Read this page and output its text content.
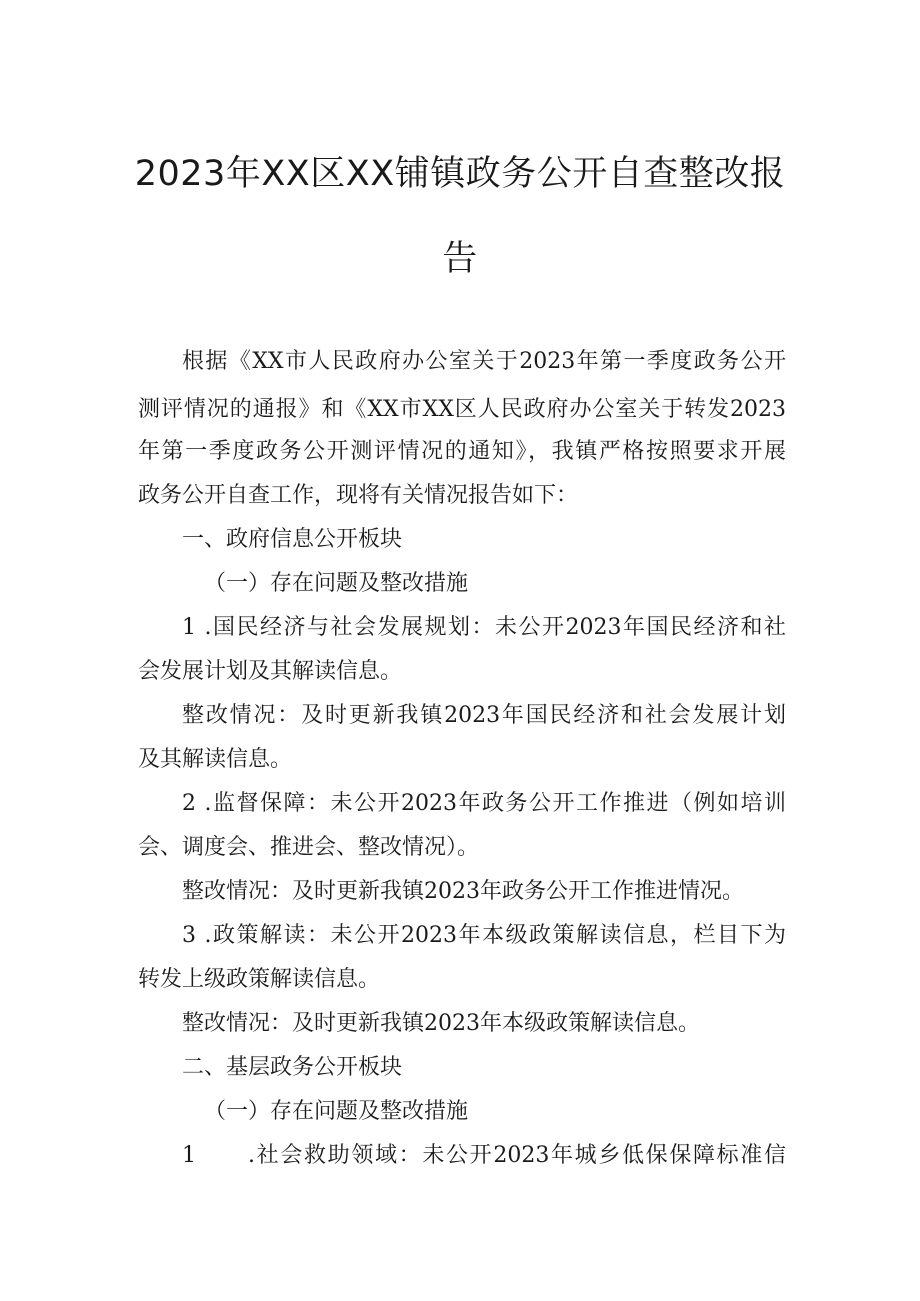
2023年XX区XX铺镇政务公开自查整改报
告
根据《XX市人民政府办公室关于2023年第一季度政务公开
测评情况的通报》和《XX市XX区人民政府办公室关于转发2023
年第一季度政务公开测评情况的通知》，我镇严格按照要求开展
政务公开自查工作，现将有关情况报告如下：
一、政府信息公开板块
（一）存在问题及整改措施
1 .国民经济与社会发展规划：未公开2023年国民经济和社
会发展计划及其解读信息。
整改情况：及时更新我镇2023年国民经济和社会发展计划
及其解读信息。
2 .监督保障：未公开2023年政务公开工作推进（例如培训
会、调度会、推进会、整改情况）。
整改情况：及时更新我镇2023年政务公开工作推进情况。
3 .政策解读：未公开2023年本级政策解读信息，栏目下为
转发上级政策解读信息。
整改情况：及时更新我镇2023年本级政策解读信息。
二、基层政务公开板块
（一）存在问题及整改措施
1 .社会救助领域：未公开2023年城乡低保保障标准信
